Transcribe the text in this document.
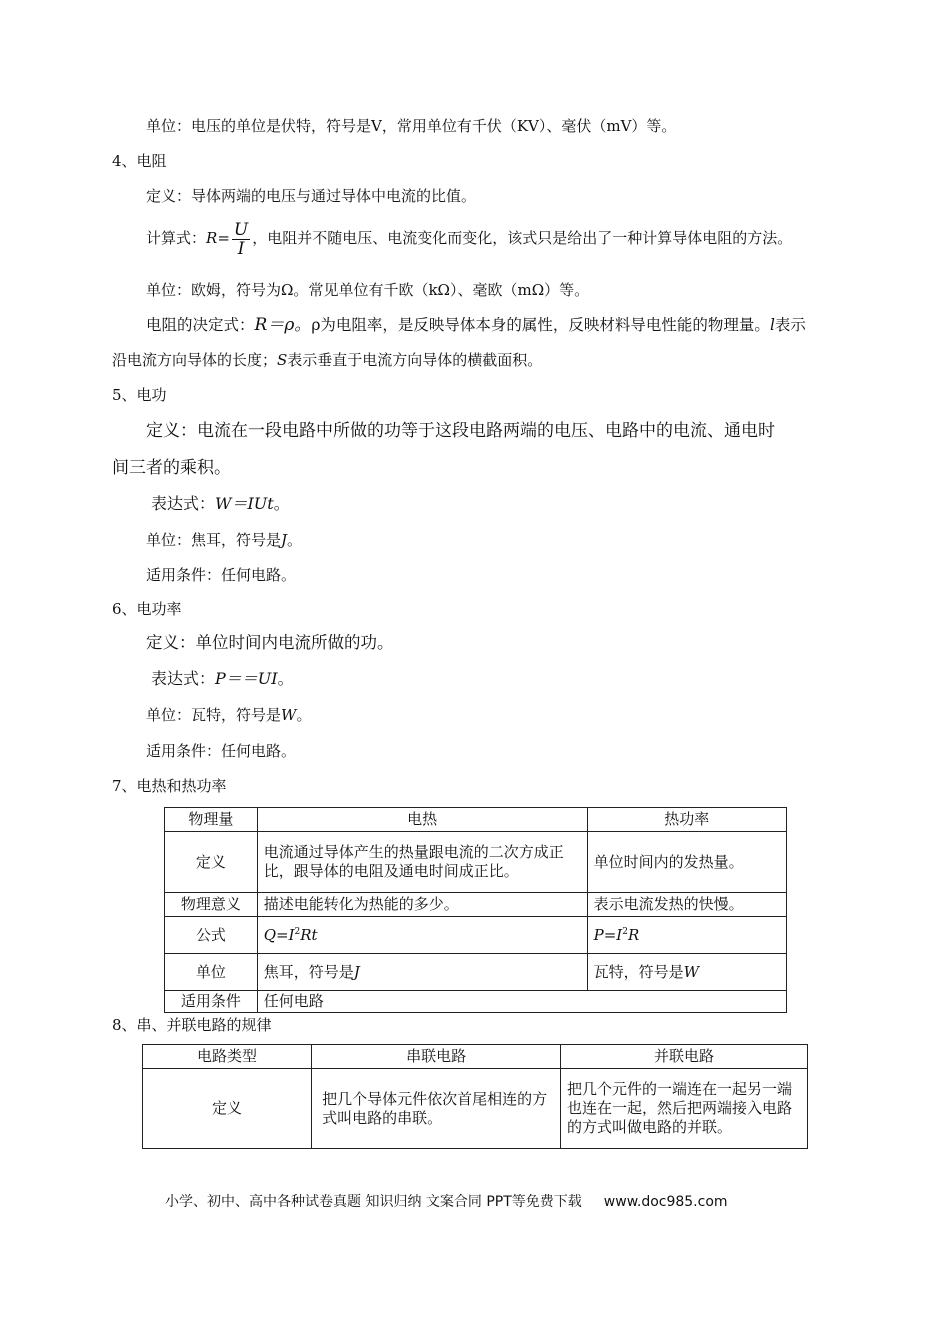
单位：电压的单位是伏特，符号是V，常用单位有千伏（KV）、毫伏（mV）等。
4、电阻
定义：导体两端的电压与通过导体中电流的比值。
计算式：$R= \frac{U}{I}$ ，电阻并不随电压、电流变化而变化，该式只是给出了一种计算导体电阻的方法。
单位：欧姆，符号为Ω。常见单位有千欧（kΩ）、毫欧（mΩ）等。
电阻的决定式：R＝ρ。ρ为电阻率，是反映导体本身的属性，反映材料导电性能的物理量。l表示
沿电流方向导体的长度；S表示垂直于电流方向导体的横截面积。
5、电功
定义：电流在一段电路中所做的功等于这段电路两端的电压、电路中的电流、通电时
间三者的乘积。
表达式：W＝IUt。
单位：焦耳，符号是J。
适用条件：任何电路。
6、电功率
定义：单位时间内电流所做的功。
表达式：P＝＝UI。
单位：瓦特，符号是W。
适用条件：任何电路。
7、电热和热功率
物理量	电热	热功率
定义	电流通过导体产生的热量跟电流的二次方成正比，跟导体的电阻及通电时间成正比。	单位时间内的发热量。
物理意义	描述电能转化为热能的多少。	表示电流发热的快慢。
公式	$Q=I^2Rt$	$P=I^2R$
单位	焦耳，符号是J	瓦特，符号是W
适用条件	任何电路	
8、串、并联电路的规律
电路类型	串联电路	并联电路
定义	把几个导体元件依次首尾相连的方式叫电路的串联。	把几个元件的一端连在一起另一端也连在一起，然后把两端接入电路的方式叫做电路的并联。
小学、初中、高中各种试卷真题 知识归纳 文案合同 PPT等免费下载 www.doc985.com
